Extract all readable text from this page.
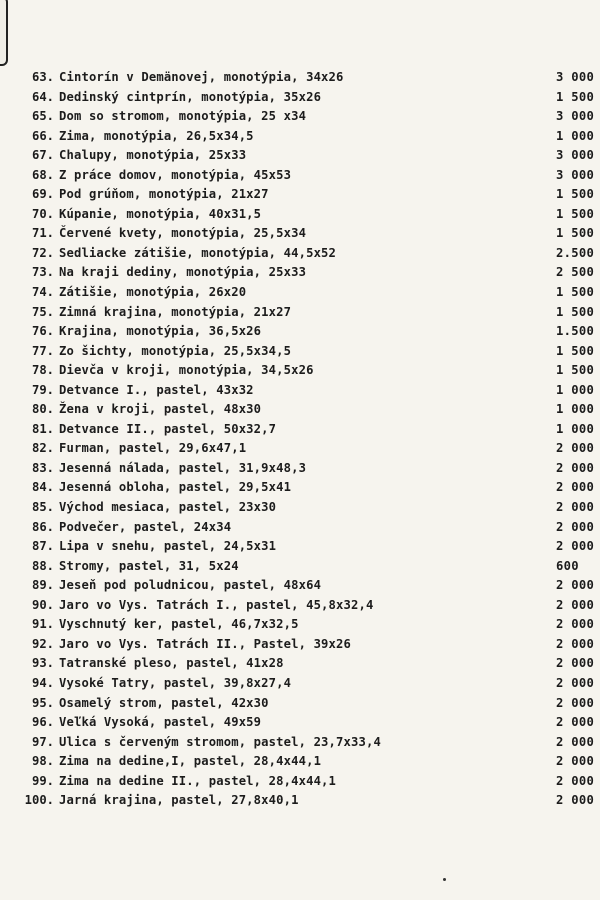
63. Cintorín v Demänovej, monotýpia, 34x26	3 000
64. Dedinský cintprín, monotýpia, 35x26	1 500
65. Dom so stromom, monotýpia, 25 x34	3 000
66. Zima, monotýpia, 26,5x34,5	1 000
67. Chalupy, monotýpia, 25x33	3 000
68. Z práce domov, monotýpia, 45x53	3 000
69. Pod grúňom, monotýpia, 21x27	1 500
70. Kúpanie, monotýpia, 40x31,5	1 500
71. Červené kvety, monotýpia, 25,5x34	1 500
72. Sedliacke zátišie, monotýpia, 44,5x52	2.500
73. Na kraji dediny, monotýpia, 25x33	2 500
74. Zátišie, monotýpia, 26x20	1 500
75. Zimná krajina, monotýpia, 21x27	1 500
76. Krajina, monotýpia, 36,5x26	1.500
77. Zo šichty, monotýpia, 25,5x34,5	1 500
78. Dievča v kroji, monotýpia, 34,5x26	1 500
79. Detvance I., pastel, 43x32	1 000
80. Žena v kroji, pastel, 48x30	1 000
81. Detvance II., pastel, 50x32,7	1 000
82. Furman, pastel, 29,6x47,1	2 000
83. Jesenná nálada, pastel, 31,9x48,3	2 000
84. Jesenná obloha, pastel, 29,5x41	2 000
85. Východ mesiaca, pastel, 23x30	2 000
86. Podvečer, pastel, 24x34	2 000
87. Lipa v snehu, pastel, 24,5x31	2 000
88. Stromy, pastel, 31, 5x24	600
89. Jeseň pod poludnicou, pastel, 48x64	2 000
90. Jaro vo Vys. Tatrách I., pastel, 45,8x32,4	2 000
91. Vyschnutý ker, pastel, 46,7x32,5	2 000
92. Jaro vo Vys. Tatrách II., Pastel, 39x26	2 000
93. Tatranské pleso, pastel, 41x28	2 000
94. Vysoké Tatry, pastel, 39,8x27,4	2 000
95. Osamelý strom, pastel, 42x30	2 000
96. Veľká Vysoká, pastel, 49x59	2 000
97. Ulica s červeným stromom, pastel, 23,7x33,4	2 000
98. Zima na dedine,I, pastel, 28,4x44,1	2 000
99. Zima na dedine II., pastel, 28,4x44,1	2 000
100. Jarná krajina, pastel, 27,8x40,1	2 000
